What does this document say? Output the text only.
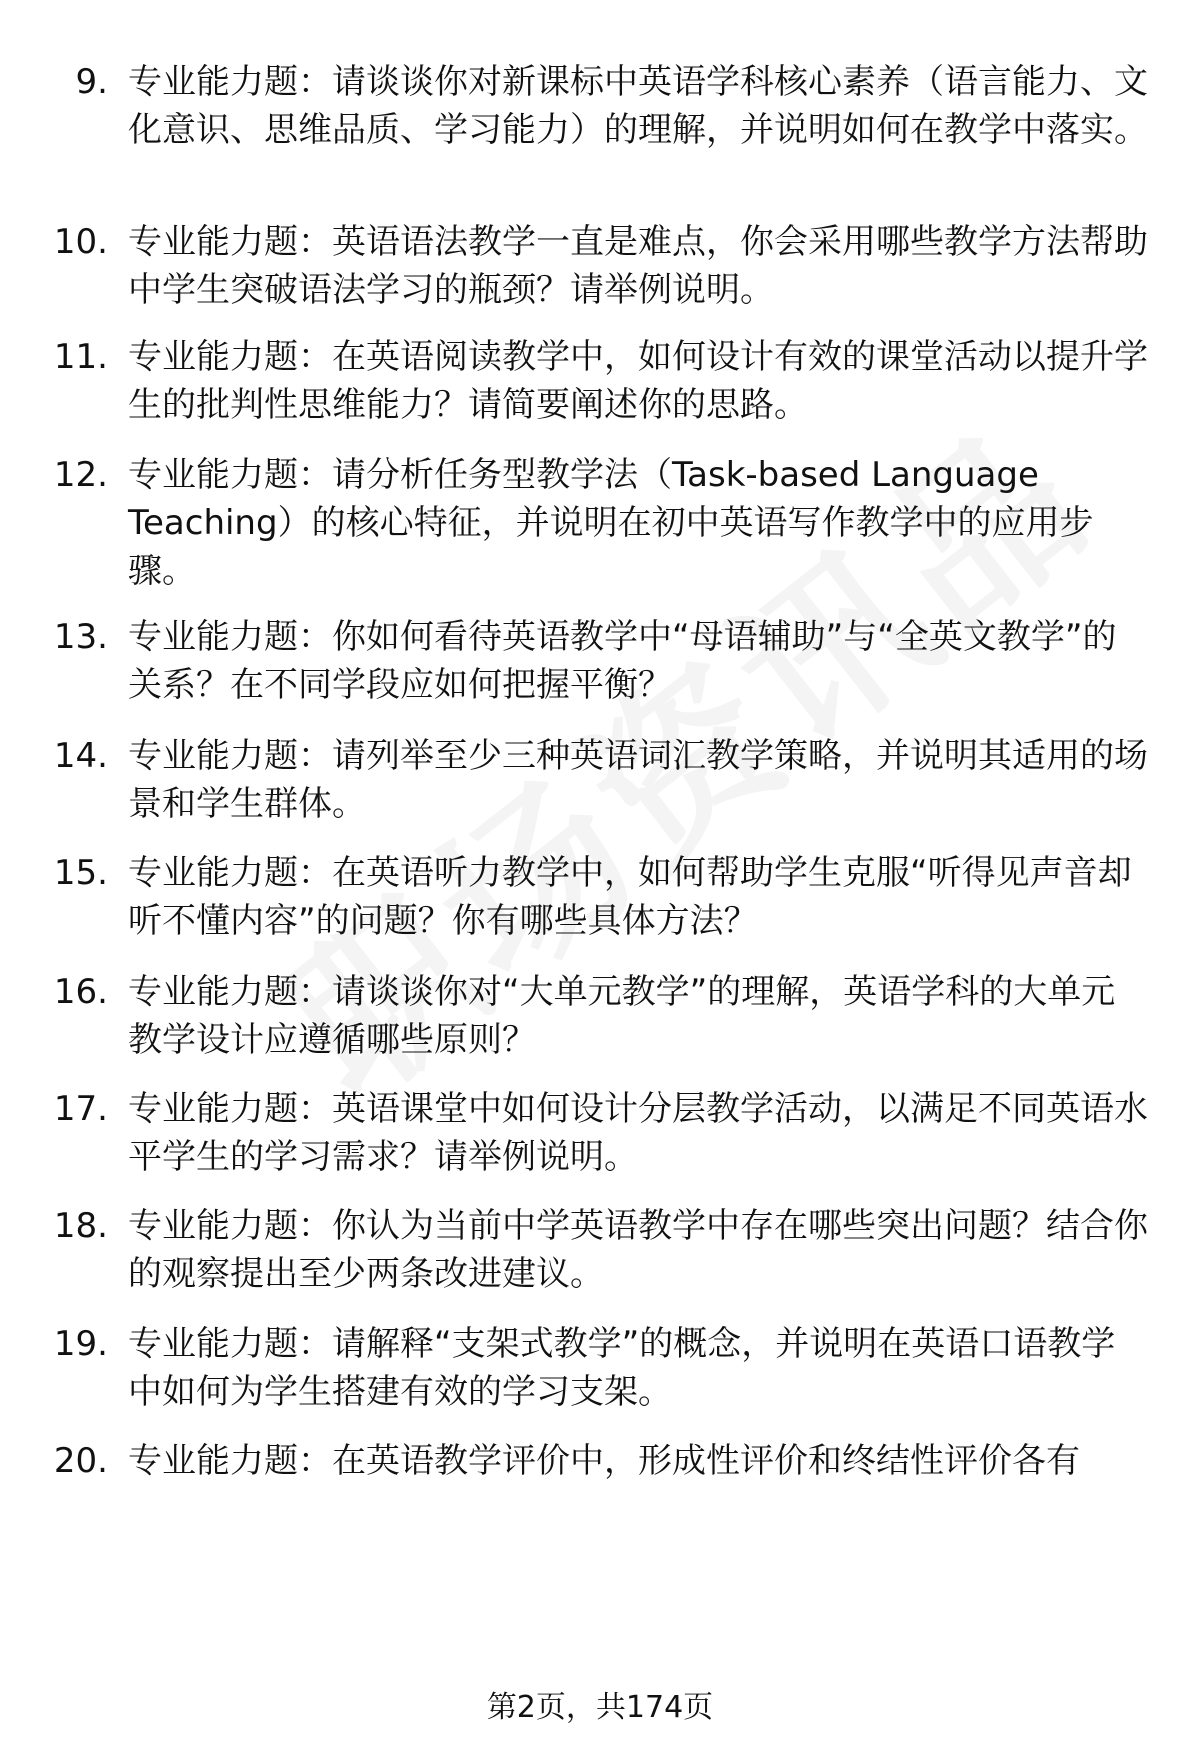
9. 专业能力题：请谈谈你对新课标中英语学科核心素养（语言能力、文化意识、思维品质、学习能力）的理解，并说明如何在教学中落实。
10. 专业能力题：英语语法教学一直是难点，你会采用哪些教学方法帮助中学生突破语法学习的瓶颈？请举例说明。
11. 专业能力题：在英语阅读教学中，如何设计有效的课堂活动以提升学生的批判性思维能力？请简要阐述你的思路。
12. 专业能力题：请分析任务型教学法（Task-based Language Teaching）的核心特征，并说明在初中英语写作教学中的应用步骤。
13. 专业能力题：你如何看待英语教学中“母语辅助”与“全英文教学”的关系？在不同学段应如何把握平衡？
14. 专业能力题：请列举至少三种英语词汇教学策略，并说明其适用的场景和学生群体。
15. 专业能力题：在英语听力教学中，如何帮助学生克服“听得见声音却听不懂内容”的问题？你有哪些具体方法？
16. 专业能力题：请谈谈你对“大单元教学”的理解，英语学科的大单元教学设计应遵循哪些原则？
17. 专业能力题：英语课堂中如何设计分层教学活动，以满足不同英语水平学生的学习需求？请举例说明。
18. 专业能力题：你认为当前中学英语教学中存在哪些突出问题？结合你的观察提出至少两条改进建议。
19. 专业能力题：请解释“支架式教学”的概念，并说明在英语口语教学中如何为学生搭建有效的学习支架。
20. 专业能力题：在英语教学评价中，形成性评价和终结性评价各有
第2页，共174页
